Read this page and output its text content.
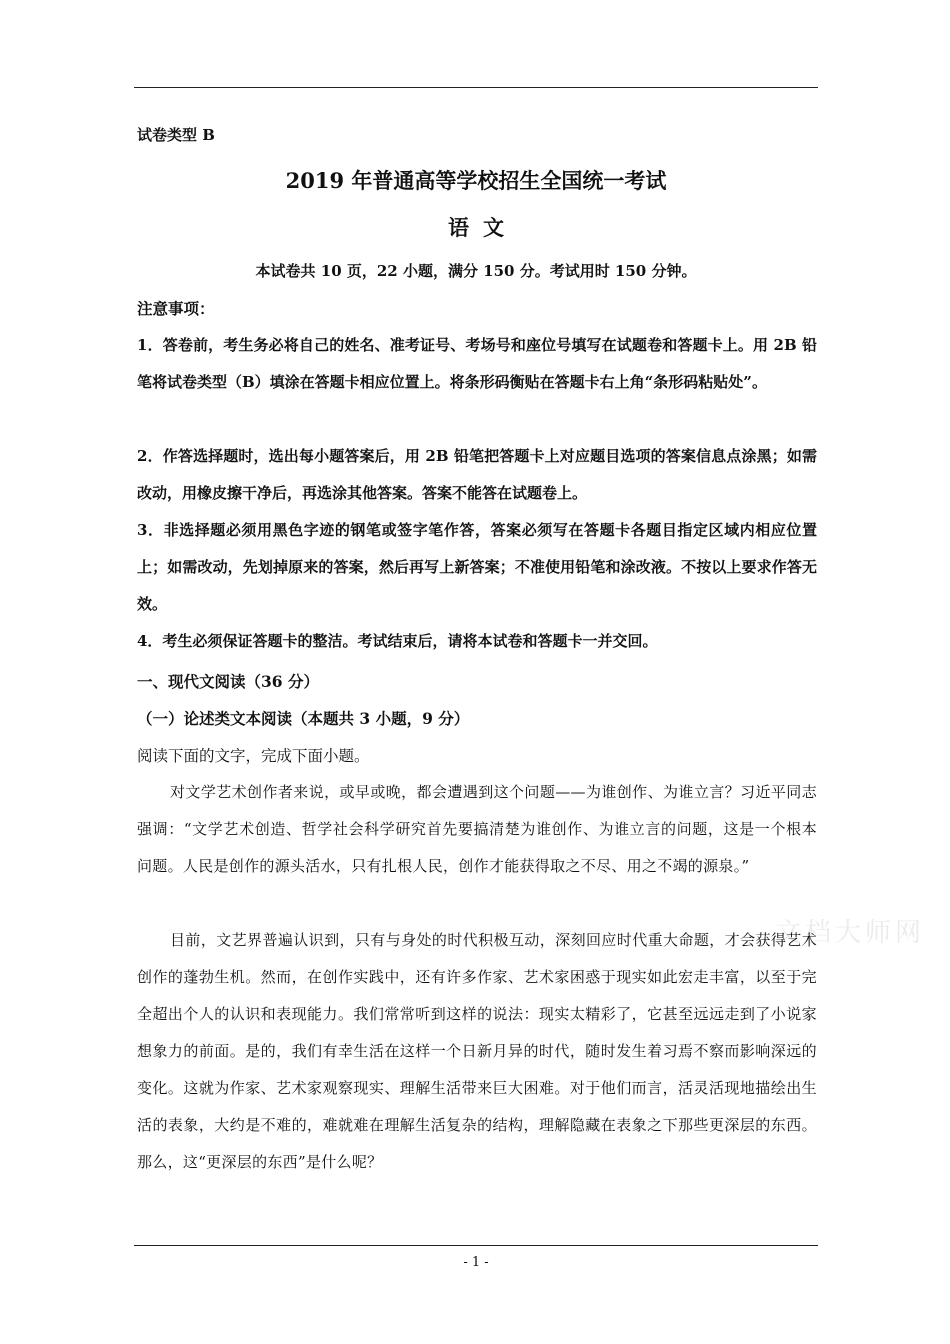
试卷类型 B
2019 年普通高等学校招生全国统一考试
语文
本试卷共 10 页，22 小题，满分 150 分。考试用时 150 分钟。
注意事项：
1．答卷前，考生务必将自己的姓名、准考证号、考场号和座位号填写在试题卷和答题卡上。用 2B 铅笔将试卷类型（B）填涂在答题卡相应位置上。将条形码衡贴在答题卡右上角“条形码粘贴处”。
2．作答选择题时，选出每小题答案后，用 2B 铅笔把答题卡上对应题目选项的答案信息点涂黑；如需改动，用橡皮擦干净后，再选涂其他答案。答案不能答在试题卷上。
3．非选择题必须用黑色字迹的钢笔或签字笔作答，答案必须写在答题卡各题目指定区域内相应位置上；如需改动，先划掉原来的答案，然后再写上新答案；不准使用铅笔和涂改液。不按以上要求作答无效。
4．考生必须保证答题卡的整洁。考试结束后，请将本试卷和答题卡一并交回。
一、现代文阅读（36 分）
（一）论述类文本阅读（本题共 3 小题，9 分）
阅读下面的文字，完成下面小题。
文档大师网
对文学艺术创作者来说，或早或晚，都会遭遇到这个问题——为谁创作、为谁立言？习近平同志强调：“文学艺术创造、哲学社会科学研究首先要搞清楚为谁创作、为谁立言的问题，这是一个根本问题。人民是创作的源头活水，只有扎根人民，创作才能获得取之不尽、用之不竭的源泉。”
目前，文艺界普遍认识到，只有与身处的时代积极互动，深刻回应时代重大命题，才会获得艺术创作的蓬勃生机。然而，在创作实践中，还有许多作家、艺术家困惑于现实如此宏走丰富，以至于完全超出个人的认识和表现能力。我们常常听到这样的说法：现实太精彩了，它甚至远远走到了小说家想象力的前面。是的，我们有幸生活在这样一个日新月异的时代，随时发生着习焉不察而影响深远的变化。这就为作家、艺术家观察现实、理解生活带来巨大困难。对于他们而言，活灵活现地描绘出生活的表象，大约是不难的，难就难在理解生活复杂的结构，理解隐藏在表象之下那些更深层的东西。那么，这“更深层的东西”是什么呢？
- 1 -
